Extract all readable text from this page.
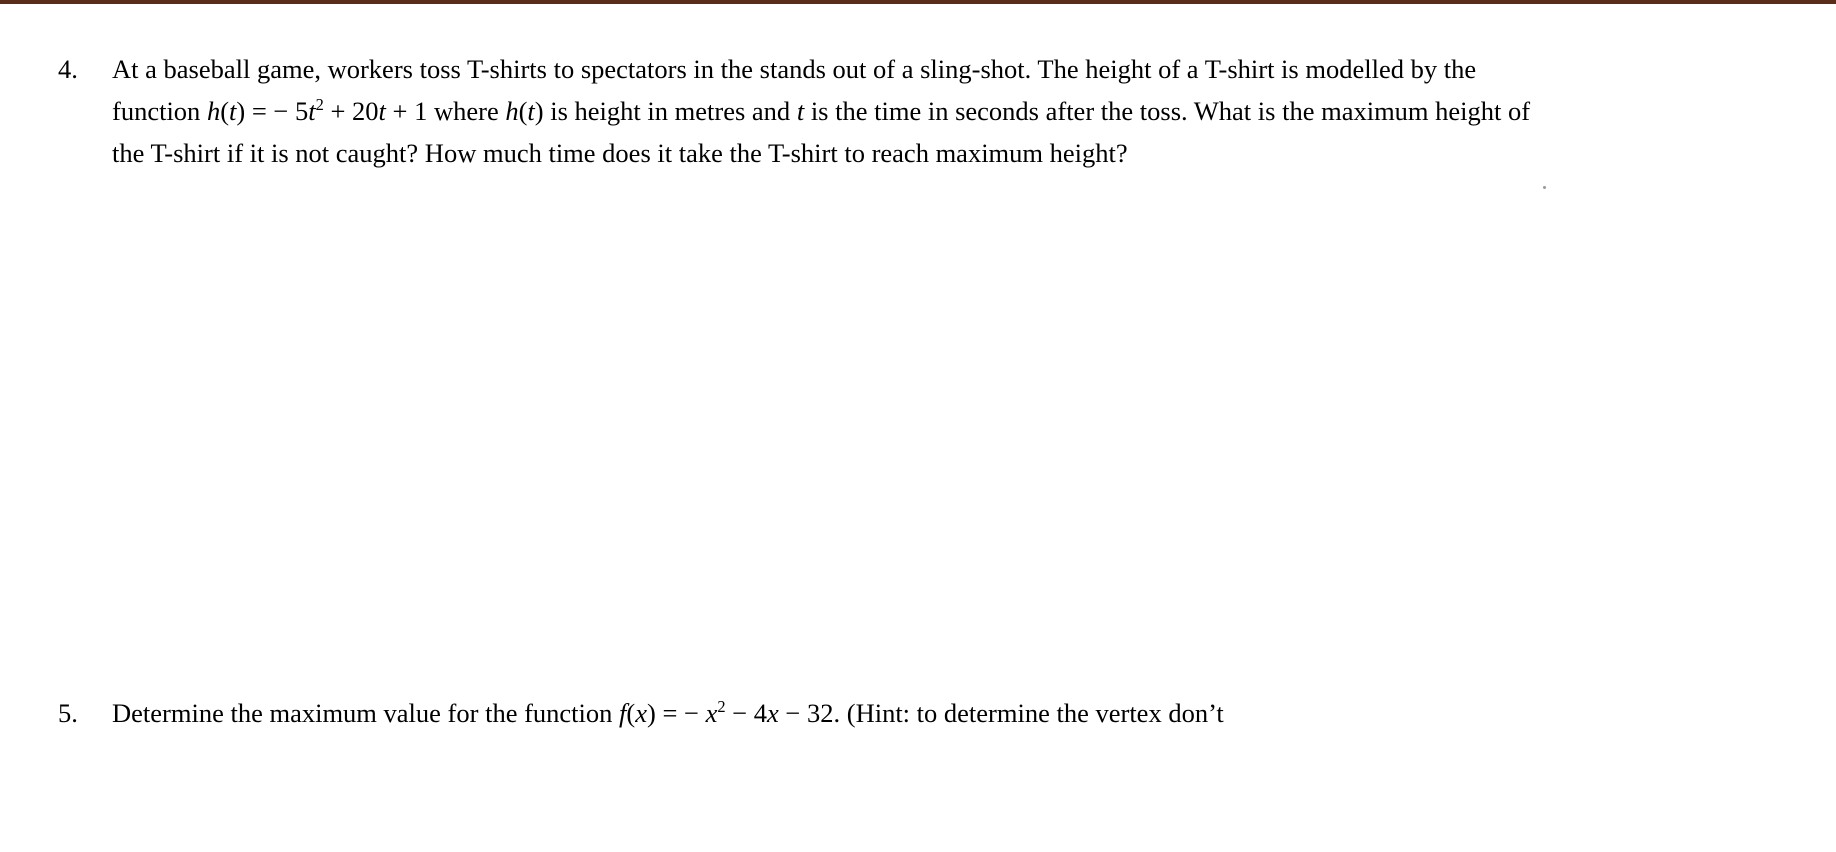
4.	At a baseball game, workers toss T-shirts to spectators in the stands out of a sling-shot. The height of a T-shirt is modelled by the function h(t) = − $5t^2 + 20t + 1$ where h(t) is height in metres and t is the time in seconds after the toss. What is the maximum height of the T-shirt if it is not caught? How much time does it take the T-shirt to reach maximum height?
5.	Determine the maximum value for the function f(x) = − $x^2 - 4x - 32$. (Hint: to determine the vertex don’t
